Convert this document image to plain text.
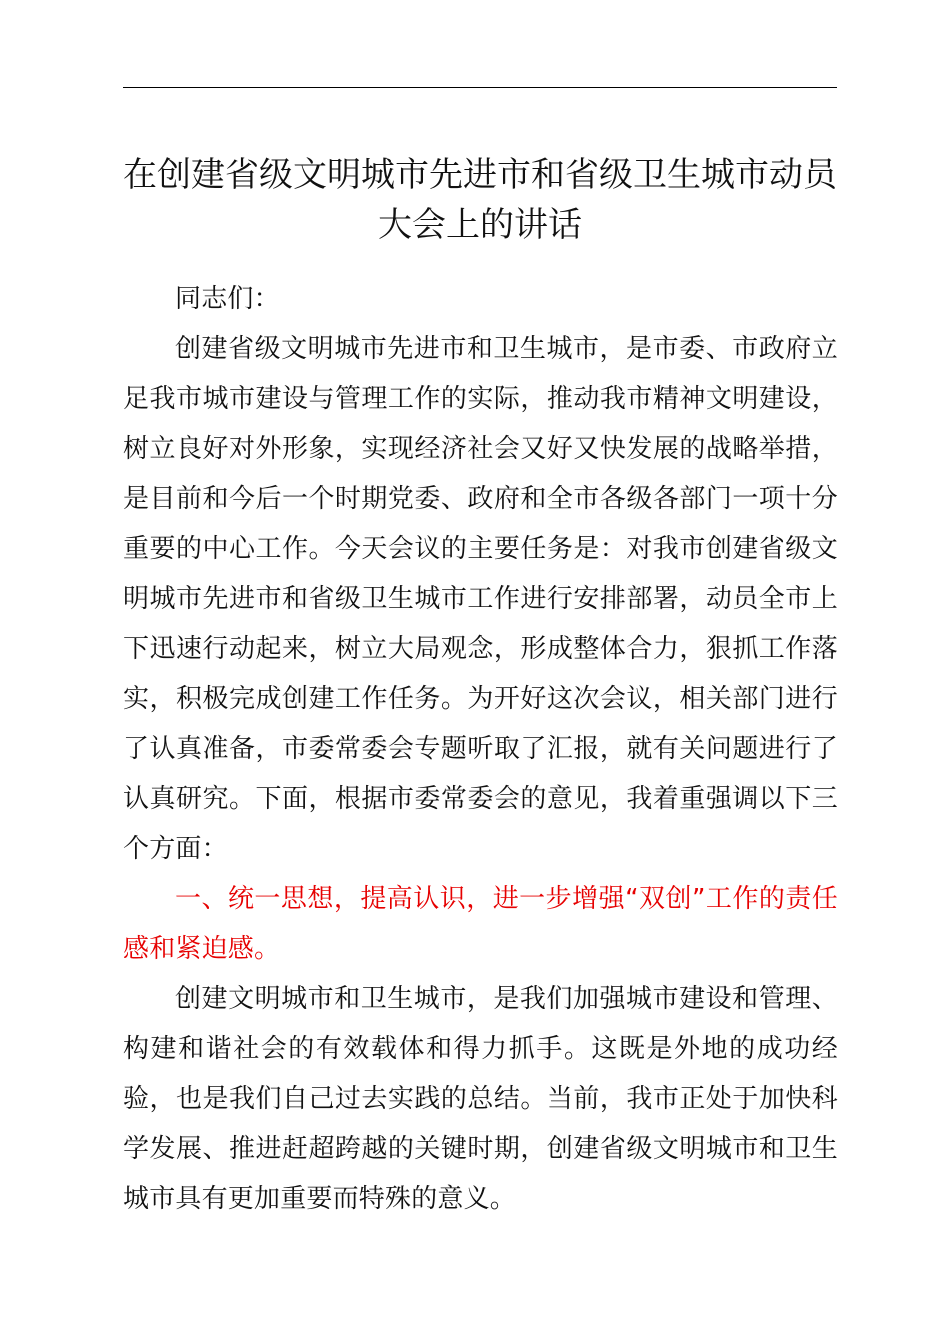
在创建省级文明城市先进市和省级卫生城市动员大会上的讲话

同志们：

创建省级文明城市先进市和卫生城市，是市委、市政府立足我市城市建设与管理工作的实际，推动我市精神文明建设，树立良好对外形象，实现经济社会又好又快发展的战略举措，是目前和今后一个时期党委、政府和全市各级各部门一项十分重要的中心工作。今天会议的主要任务是：对我市创建省级文明城市先进市和省级卫生城市工作进行安排部署，动员全市上下迅速行动起来，树立大局观念，形成整体合力，狠抓工作落实，积极完成创建工作任务。为开好这次会议，相关部门进行了认真准备，市委常委会专题听取了汇报，就有关问题进行了认真研究。下面，根据市委常委会的意见，我着重强调以下三个方面：

一、统一思想，提高认识，进一步增强“双创”工作的责任感和紧迫感。

创建文明城市和卫生城市，是我们加强城市建设和管理、构建和谐社会的有效载体和得力抓手。这既是外地的成功经验，也是我们自己过去实践的总结。当前，我市正处于加快科学发展、推进赶超跨越的关键时期，创建省级文明城市和卫生城市具有更加重要而特殊的意义。
